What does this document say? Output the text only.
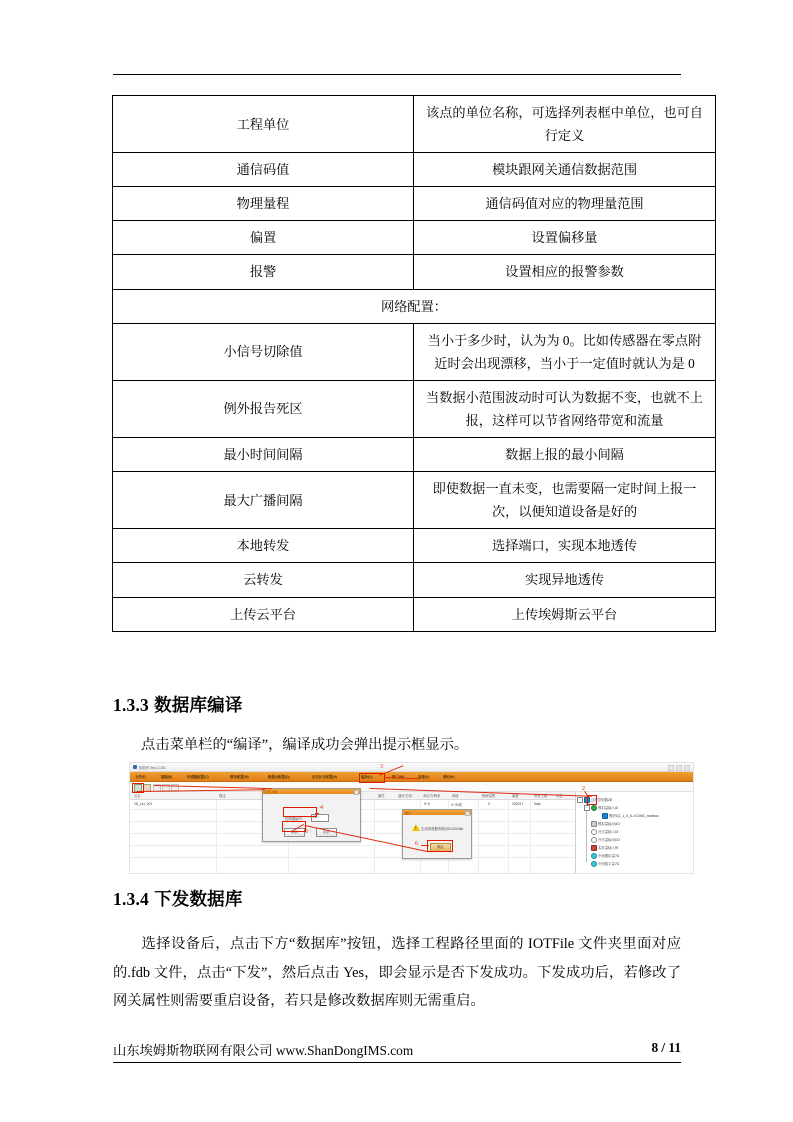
工程单位	该点的单位名称，可选择列表框中单位，也可自行定义
通信码值	模块跟网关通信数据范围
物理量程	通信码值对应的物理量范围
偏置	设置偏移量
报警	设置相应的报警参数
网络配置：	
小信号切除值	当小于多少时，认为为 0。比如传感器在零点附近时会出现漂移，当小于一定值时就认为是 0
例外报告死区	当数据小范围波动时可认为数据不变，也就不上报，这样可以节省网络带宽和流量
最小时间间隔	数据上报的最小间隔
最大广播间隔	即使数据一直未变，也需要隔一定时间上报一次，以便知道设备是好的
本地转发	选择端口，实现本地透传
云转发	实现异地透传
上传云平台	上传埃姆斯云平台
1.3.3 数据库编译
点击菜单栏的“编译”，编译成功会弹出提示框显示。
数据库 Ver1.0.101
文件(F)	编辑(E)	传感器配置(C)	模块配置(M)	数据点配置(D)	历史补召配置(H)	编译(C)	窗口(W)	查看(V)	帮助(H)
点名	描述	属性	通讯/总线	单位/分辨率	码值	物理量程	偏置	报警上限	类型
28_1AI_001	0~6	0~30度	0	22001T	float
−	边缘控制器28
−	模拟量输入AI
模块1[1_1_0_8->COM1_modbus
模拟量输出AO
开关量输入DI
开关量输出DO
实时量输入RI
中间模拟量7A
中间数字量7D
打包下载
控制器编号:	28
确认	取消
提示
!
生成的数据库路径D:\OS.fdb
确定
3
4
5
6
2
1.3.4 下发数据库
选择设备后，点击下方“数据库”按钮，选择工程路径里面的 IOTFile 文件夹里面对应的.fdb 文件，点击“下发”，然后点击 Yes，即会显示是否下发成功。下发成功后，若修改了网关属性则需要重启设备，若只是修改数据库则无需重启。
山东埃姆斯物联网有限公司 www.ShanDongIMS.com	8 / 11
